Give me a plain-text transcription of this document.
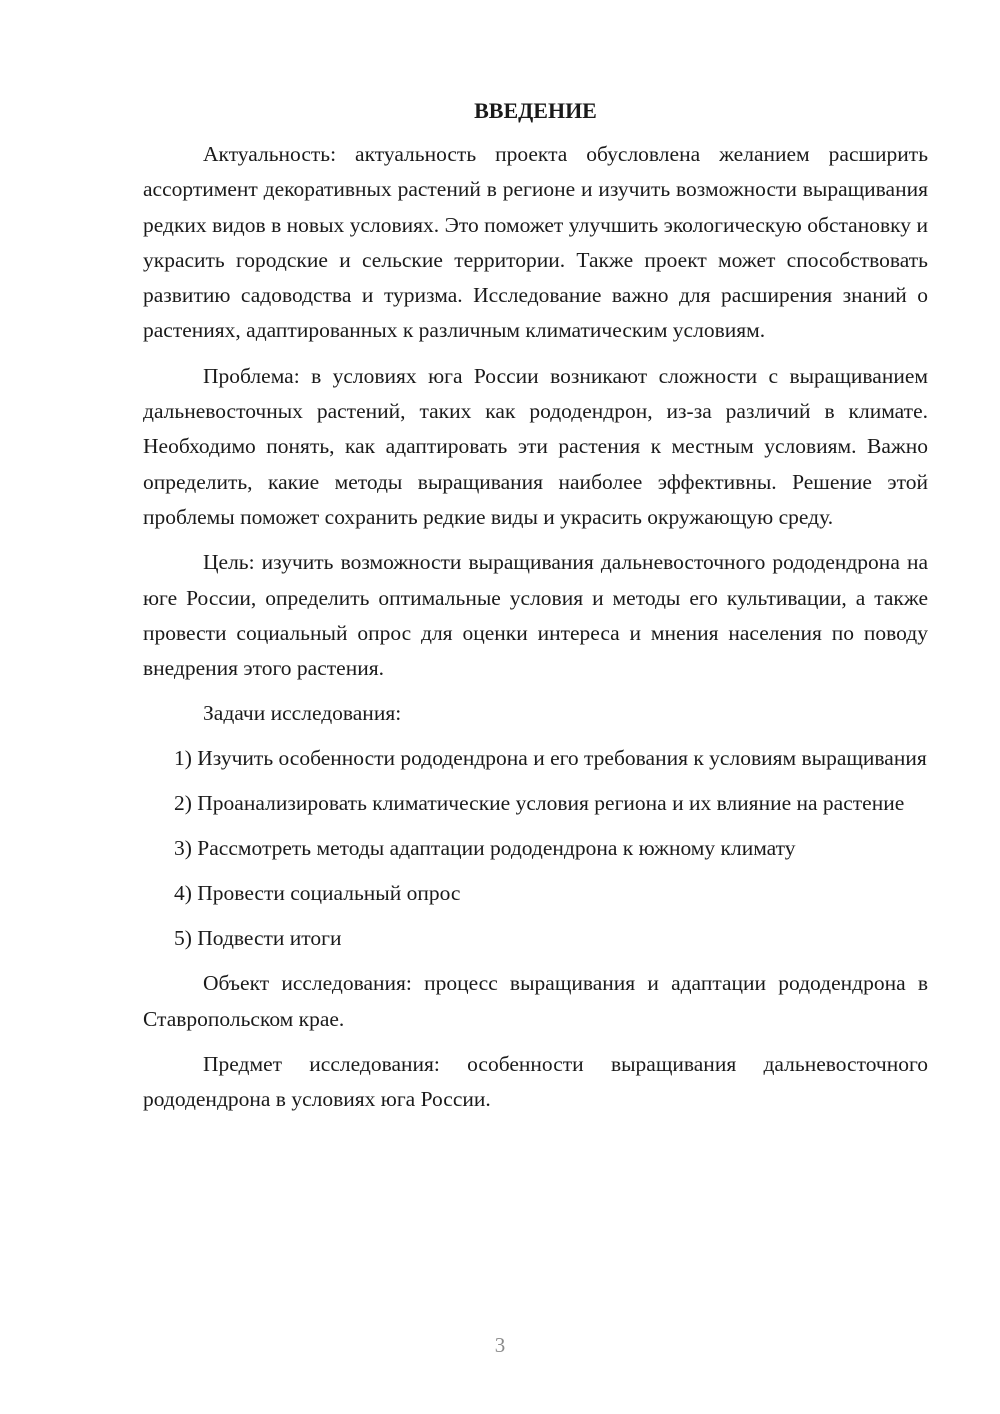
ВВЕДЕНИЕ

Актуальность: актуальность проекта обусловлена желанием расширить ассортимент декоративных растений в регионе и изучить возможности выращивания редких видов в новых условиях. Это поможет улучшить экологическую обстановку и украсить городские и сельские территории. Также проект может способствовать развитию садоводства и туризма. Исследование важно для расширения знаний о растениях, адаптированных к различным климатическим условиям.

Проблема: в условиях юга России возникают сложности с выращиванием дальневосточных растений, таких как рододендрон, из-за различий в климате. Необходимо понять, как адаптировать эти растения к местным условиям. Важно определить, какие методы выращивания наиболее эффективны. Решение этой проблемы поможет сохранить редкие виды и украсить окружающую среду.

Цель: изучить возможности выращивания дальневосточного рододендрона на юге России, определить оптимальные условия и методы его культивации, а также провести социальный опрос для оценки интереса и мнения населения по поводу внедрения этого растения.

Задачи исследования:

1) Изучить особенности рододендрона и его требования к условиям выращивания

2) Проанализировать климатические условия региона и их влияние на растение

3) Рассмотреть методы адаптации рододендрона к южному климату

4) Провести социальный опрос

5) Подвести итоги

Объект исследования: процесс выращивания и адаптации рододендрона в Ставропольском крае.

Предмет исследования: особенности выращивания дальневосточного рододендрона в условиях юга России.

3
